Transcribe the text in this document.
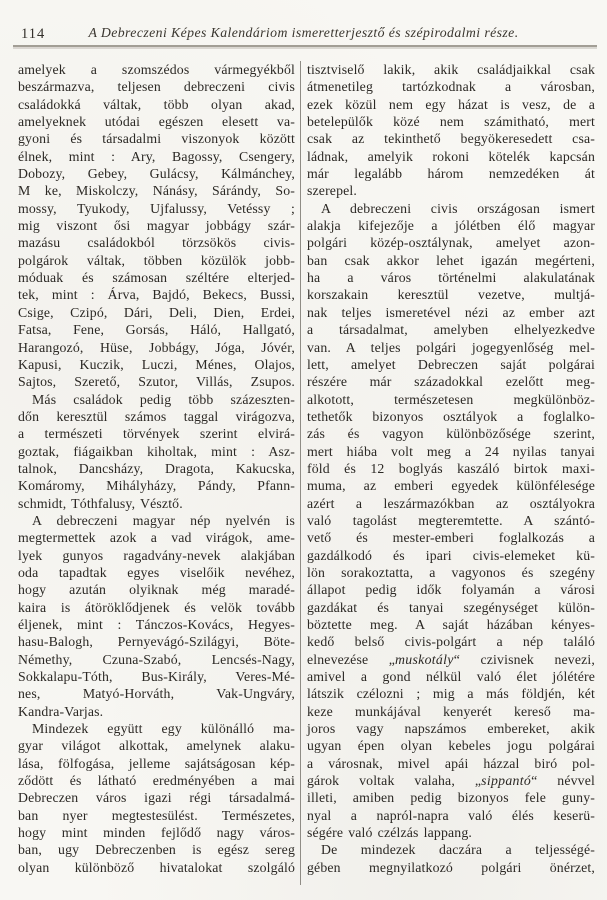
114	A Debreczeni Képes Kalendáriom ismeretterjesztő és szépirodalmi része.
amelyek a szomszédos vármegyékből
beszármazva, teljesen debreczeni civis
családokká váltak, több olyan akad,
amelyeknek utódai egészen elesett va-
gyoni és társadalmi viszonyok között
élnek, mint : Ary, Bagossy, Csengery,
Dobozy, Gebey, Gulácsy, Kálmánchey,
M ke, Miskolczy, Nánásy, Sárándy, So-
mossy, Tyukody, Ujfalussy, Vetéssy ;
mig viszont ősi magyar jobbágy szár-
mazásu családokból törzsökös civis-
polgárok váltak, többen közülök jobb-
móduak és számosan széltére elterjed-
tek, mint : Árva, Bajdó, Bekecs, Bussi,
Csige, Czipó, Dári, Deli, Dien, Erdei,
Fatsa, Fene, Gorsás, Háló, Hallgató,
Harangozó, Hüse, Jobbágy, Jóga, Jóvér,
Kapusi, Kuczik, Luczi, Ménes, Olajos,
Sajtos, Szerető, Szutor, Villás, Zsupos.
Más családok pedig több százeszten-
dőn keresztül számos taggal virágozva,
a természeti törvények szerint elvirá-
goztak, fiágaikban kiholtak, mint : Asz-
talnok, Dancsházy, Dragota, Kakucska,
Komáromy, Mihályházy, Pándy, Pfann-
schmidt, Tóthfalusy, Vésztő.
A debreczeni magyar nép nyelvén is
megtermettek azok a vad virágok, ame-
lyek gunyos ragadvány-nevek alakjában
oda tapadtak egyes viselőik nevéhez,
hogy azután olyiknak még maradé-
kaira is átöröklődjenek és velök tovább
éljenek, mint : Tánczos-Kovács, Hegyes-
hasu-Balogh, Pernyevágó-Szilágyi, Böte-
Némethy, Czuna-Szabó, Lencsés-Nagy,
Sokkalapu-Tóth, Bus-Király, Veres-Mé-
nes, Matyó-Horváth, Vak-Ungváry,
Kandra-Varjas.
Mindezek együtt egy különálló ma-
gyar világot alkottak, amelynek alaku-
lása, fölfogása, jelleme sajátságosan kép-
ződött és látható eredményében a mai
Debreczen város igazi régi társadalmá-
ban nyer megtestesülést. Természetes,
hogy mint minden fejlődő nagy város-
ban, ugy Debreczenben is egész sereg
olyan különböző hivatalokat szolgáló
tisztviselő lakik, akik családjaikkal csak
átmenetileg tartózkodnak a városban,
ezek közül nem egy házat is vesz, de a
betelepülők közé nem számitható, mert
csak az tekinthető begyökeresedett csa-
ládnak, amelyik rokoni kötelék kapcsán
már legalább három nemzedéken át
szerepel.
A debreczeni civis országosan ismert
alakja kifejezője a jólétben élő magyar
polgári közép-osztálynak, amelyet azon-
ban csak akkor lehet igazán megérteni,
ha a város történelmi alakulatának
korszakain keresztül vezetve, multjá-
nak teljes ismeretével nézi az ember azt
a társadalmat, amelyben elhelyezkedve
van. A teljes polgári jogegyenlőség mel-
lett, amelyet Debreczen saját polgárai
részére már századokkal ezelőtt meg-
alkotott, természetesen megkülönböz-
tethetők bizonyos osztályok a foglalko-
zás és vagyon különbözősége szerint,
mert hiába volt meg a 24 nyilas tanyai
föld és 12 boglyás kaszáló birtok maxi-
muma, az emberi egyedek különfélesége
azért a leszármazókban az osztályokra
való tagolást megteremtette. A szántó-
vető és mester-emberi foglalkozás a
gazdálkodó és ipari civis-elemeket kü-
lön sorakoztatta, a vagyonos és szegény
állapot pedig idők folyamán a városi
gazdákat és tanyai szegénységet külön-
böztette meg. A saját házában kényes-
kedő belső civis-polgárt a nép találó
elnevezése „muskotály“ czivisnek nevezi,
amivel a gond nélkül való élet jólétére
látszik czélozni ; mig a más földjén, két
keze munkájával kenyerét kereső ma-
joros vagy napszámos embereket, akik
ugyan épen olyan kebeles jogu polgárai
a városnak, mivel apái házzal biró pol-
gárok voltak valaha, „sippantó“ névvel
illeti, amiben pedig bizonyos fele guny-
nyal a napról-napra való élés keserü-
ségére való czélzás lappang.
De mindezek daczára a teljességé-
gében megnyilatkozó polgári önérzet,
